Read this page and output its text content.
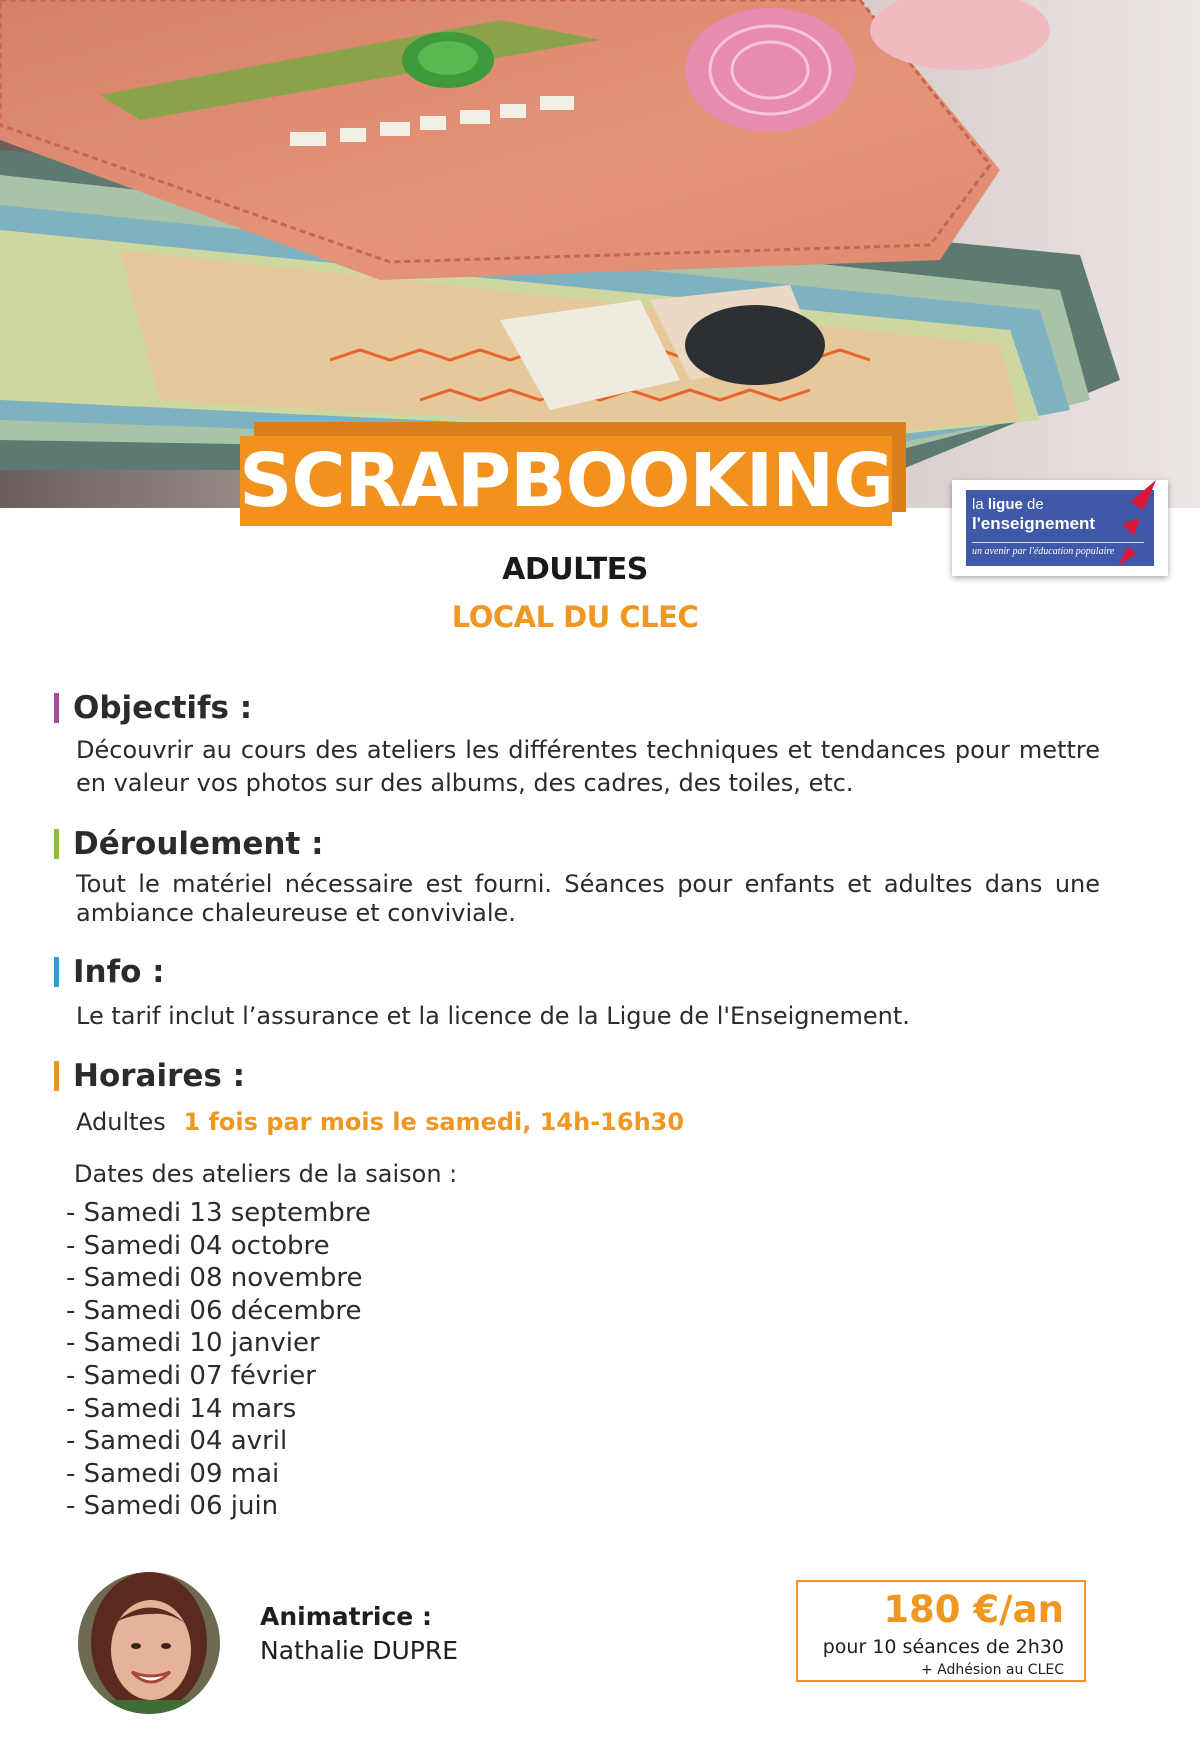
SCRAPBOOKING
ADULTES
LOCAL DU CLEC
la ligue de
l'enseignement
un avenir par l'éducation populaire
Objectifs :
Découvrir au cours des ateliers les différentes techniques et tendances pour mettre en valeur vos photos sur des albums, des cadres, des toiles, etc.
Déroulement :
Tout le matériel nécessaire est fourni. Séances pour enfants et adultes dans une ambiance chaleureuse et conviviale.
Info :
Le tarif inclut l’assurance et la licence de la Ligue de l'Enseignement.
Horaires :
Adultes 1 fois par mois le samedi, 14h-16h30
Dates des ateliers de la saison :
- Samedi 13 septembre
- Samedi 04 octobre
- Samedi 08 novembre
- Samedi 06 décembre
- Samedi 10 janvier
- Samedi 07 février
- Samedi 14 mars
- Samedi 04 avril
- Samedi 09 mai
- Samedi 06 juin
Animatrice :
Nathalie DUPRE
180 €/an
pour 10 séances de 2h30
+ Adhésion au CLEC
